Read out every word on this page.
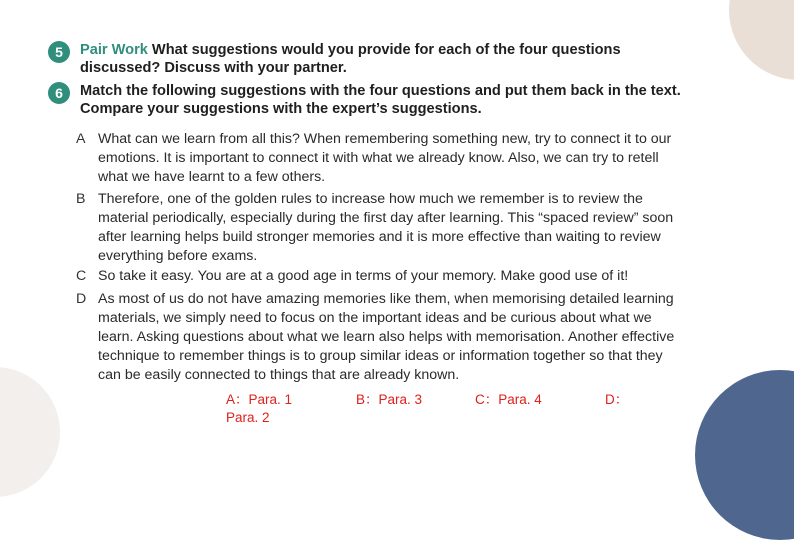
5	Pair Work What suggestions would you provide for each of the four questions discussed? Discuss with your partner.
6	Match the following suggestions with the four questions and put them back in the text. Compare your suggestions with the expert’s suggestions.
A What can we learn from all this? When remembering something new, try to connect it to our emotions. It is important to connect it with what we already know. Also, we can try to retell what we have learnt to a few others.
B Therefore, one of the golden rules to increase how much we remember is to review the material periodically, especially during the first day after learning. This “spaced review” soon after learning helps build stronger memories and it is more effective than waiting to review everything before exams.
C So take it easy. You are at a good age in terms of your memory. Make good use of it!
D As most of us do not have amazing memories like them, when memorising detailed learning materials, we simply need to focus on the important ideas and be curious about what we learn. Asking questions about what we learn also helps with memorisation. Another effective technique to remember things is to group similar ideas or information together so that they can be easily connected to things that are already known.
A：Para. 1	B：Para. 3	C：Para. 4	D：
Para. 2
